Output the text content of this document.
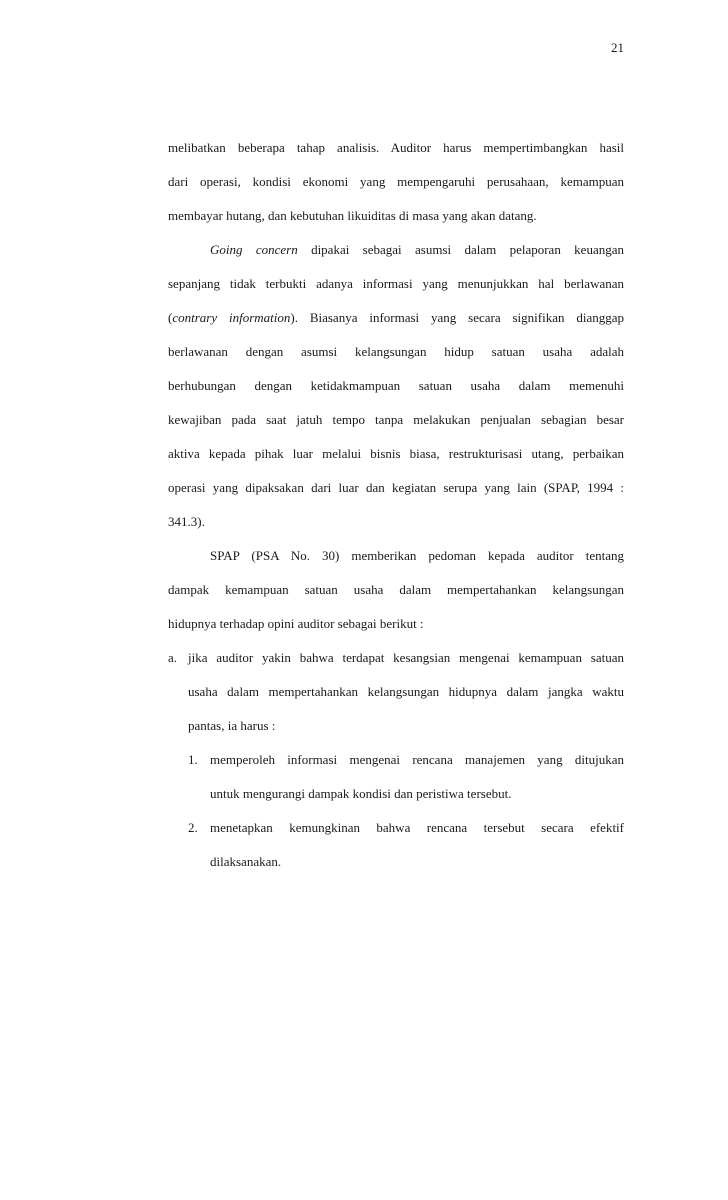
21
melibatkan beberapa tahap analisis. Auditor harus mempertimbangkan hasil
dari operasi, kondisi ekonomi yang mempengaruhi perusahaan, kemampuan
membayar hutang, dan kebutuhan likuiditas di masa yang akan datang.
Going concern dipakai sebagai asumsi dalam pelaporan keuangan
sepanjang tidak terbukti adanya informasi yang menunjukkan hal berlawanan
(contrary information). Biasanya informasi yang secara signifikan dianggap
berlawanan dengan asumsi kelangsungan hidup satuan usaha adalah
berhubungan dengan ketidakmampuan satuan usaha dalam memenuhi
kewajiban pada saat jatuh tempo tanpa melakukan penjualan sebagian besar
aktiva kepada pihak luar melalui bisnis biasa, restrukturisasi utang, perbaikan
operasi yang dipaksakan dari luar dan kegiatan serupa yang lain (SPAP, 1994 :
341.3).
SPAP (PSA No. 30) memberikan pedoman kepada auditor tentang
dampak kemampuan satuan usaha dalam mempertahankan kelangsungan
hidupnya terhadap opini auditor sebagai berikut :
a. jika auditor yakin bahwa terdapat kesangsian mengenai kemampuan satuan
usaha dalam mempertahankan kelangsungan hidupnya dalam jangka waktu
pantas, ia harus :
1. memperoleh informasi mengenai rencana manajemen yang ditujukan
untuk mengurangi dampak kondisi dan peristiwa tersebut.
2. menetapkan kemungkinan bahwa rencana tersebut secara efektif
dilaksanakan.
